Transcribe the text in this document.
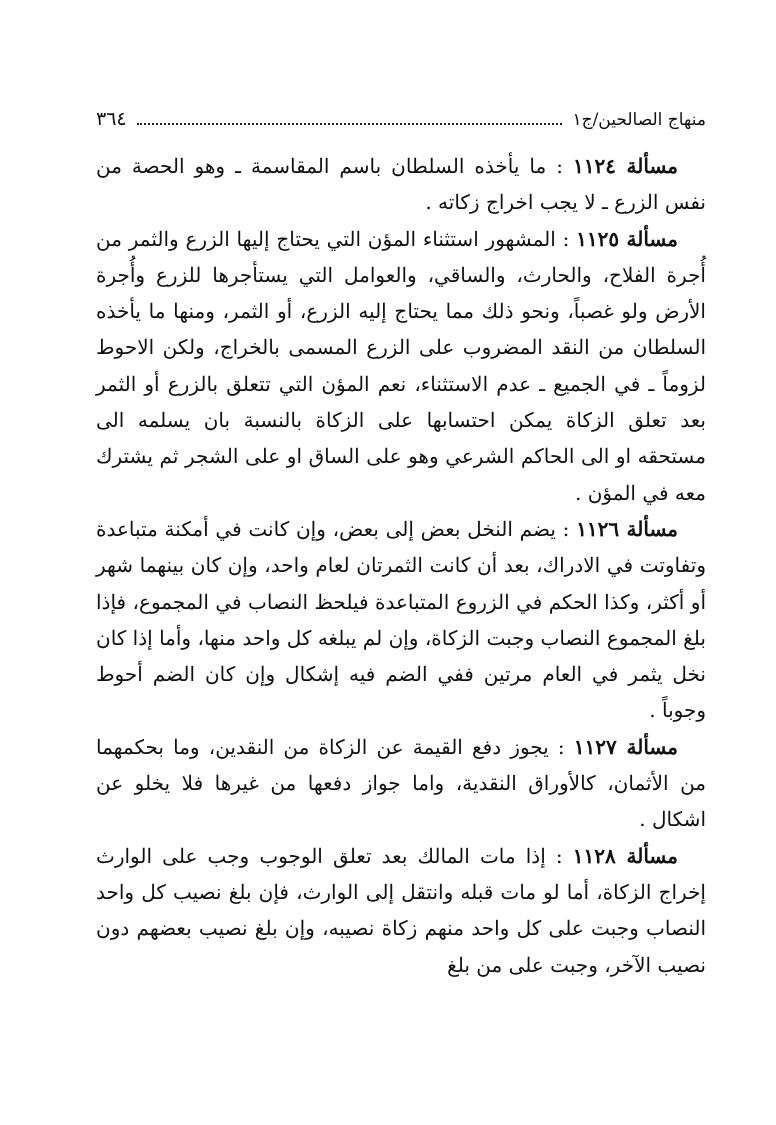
منهاج الصالحين/ج١
٣٦٤

مسألة ١١٢٤ : ما يأخذه السلطان باسم المقاسمة ـ وهو الحصة من نفس الزرع ـ لا يجب اخراج زكاته .

مسألة ١١٢٥ : المشهور استثناء المؤن التي يحتاج إليها الزرع والثمر من أُجرة الفلاح، والحارث، والساقي، والعوامل التي يستأجرها للزرع وأُجرة الأرض ولو غصباً، ونحو ذلك مما يحتاج إليه الزرع، أو الثمر، ومنها ما يأخذه السلطان من النقد المضروب على الزرع المسمى بالخراج، ولكن الاحوط لزوماً ـ في الجميع ـ عدم الاستثناء، نعم المؤن التي تتعلق بالزرع أو الثمر بعد تعلق الزكاة يمكن احتسابها على الزكاة بالنسبة بان يسلمه الى مستحقه او الى الحاكم الشرعي وهو على الساق او على الشجر ثم يشترك معه في المؤن .

مسألة ١١٢٦ : يضم النخل بعض إلى بعض، وإن كانت في أمكنة متباعدة وتفاوتت في الادراك، بعد أن كانت الثمرتان لعام واحد، وإن كان بينهما شهر أو أكثر، وكذا الحكم في الزروع المتباعدة فيلحظ النصاب في المجموع، فإذا بلغ المجموع النصاب وجبت الزكاة، وإن لم يبلغه كل واحد منها، وأما إذا كان نخل يثمر في العام مرتين ففي الضم فيه إشكال وإن كان الضم أحوط وجوباً .

مسألة ١١٢٧ : يجوز دفع القيمة عن الزكاة من النقدين، وما بحكمهما من الأثمان، كالأوراق النقدية، واما جواز دفعها من غيرها فلا يخلو عن اشكال .

مسألة ١١٢٨ : إذا مات المالك بعد تعلق الوجوب وجب على الوارث إخراج الزكاة، أما لو مات قبله وانتقل إلى الوارث، فإن بلغ نصيب كل واحد النصاب وجبت على كل واحد منهم زكاة نصيبه، وإن بلغ نصيب بعضهم دون نصيب الآخر، وجبت على من بلغ
